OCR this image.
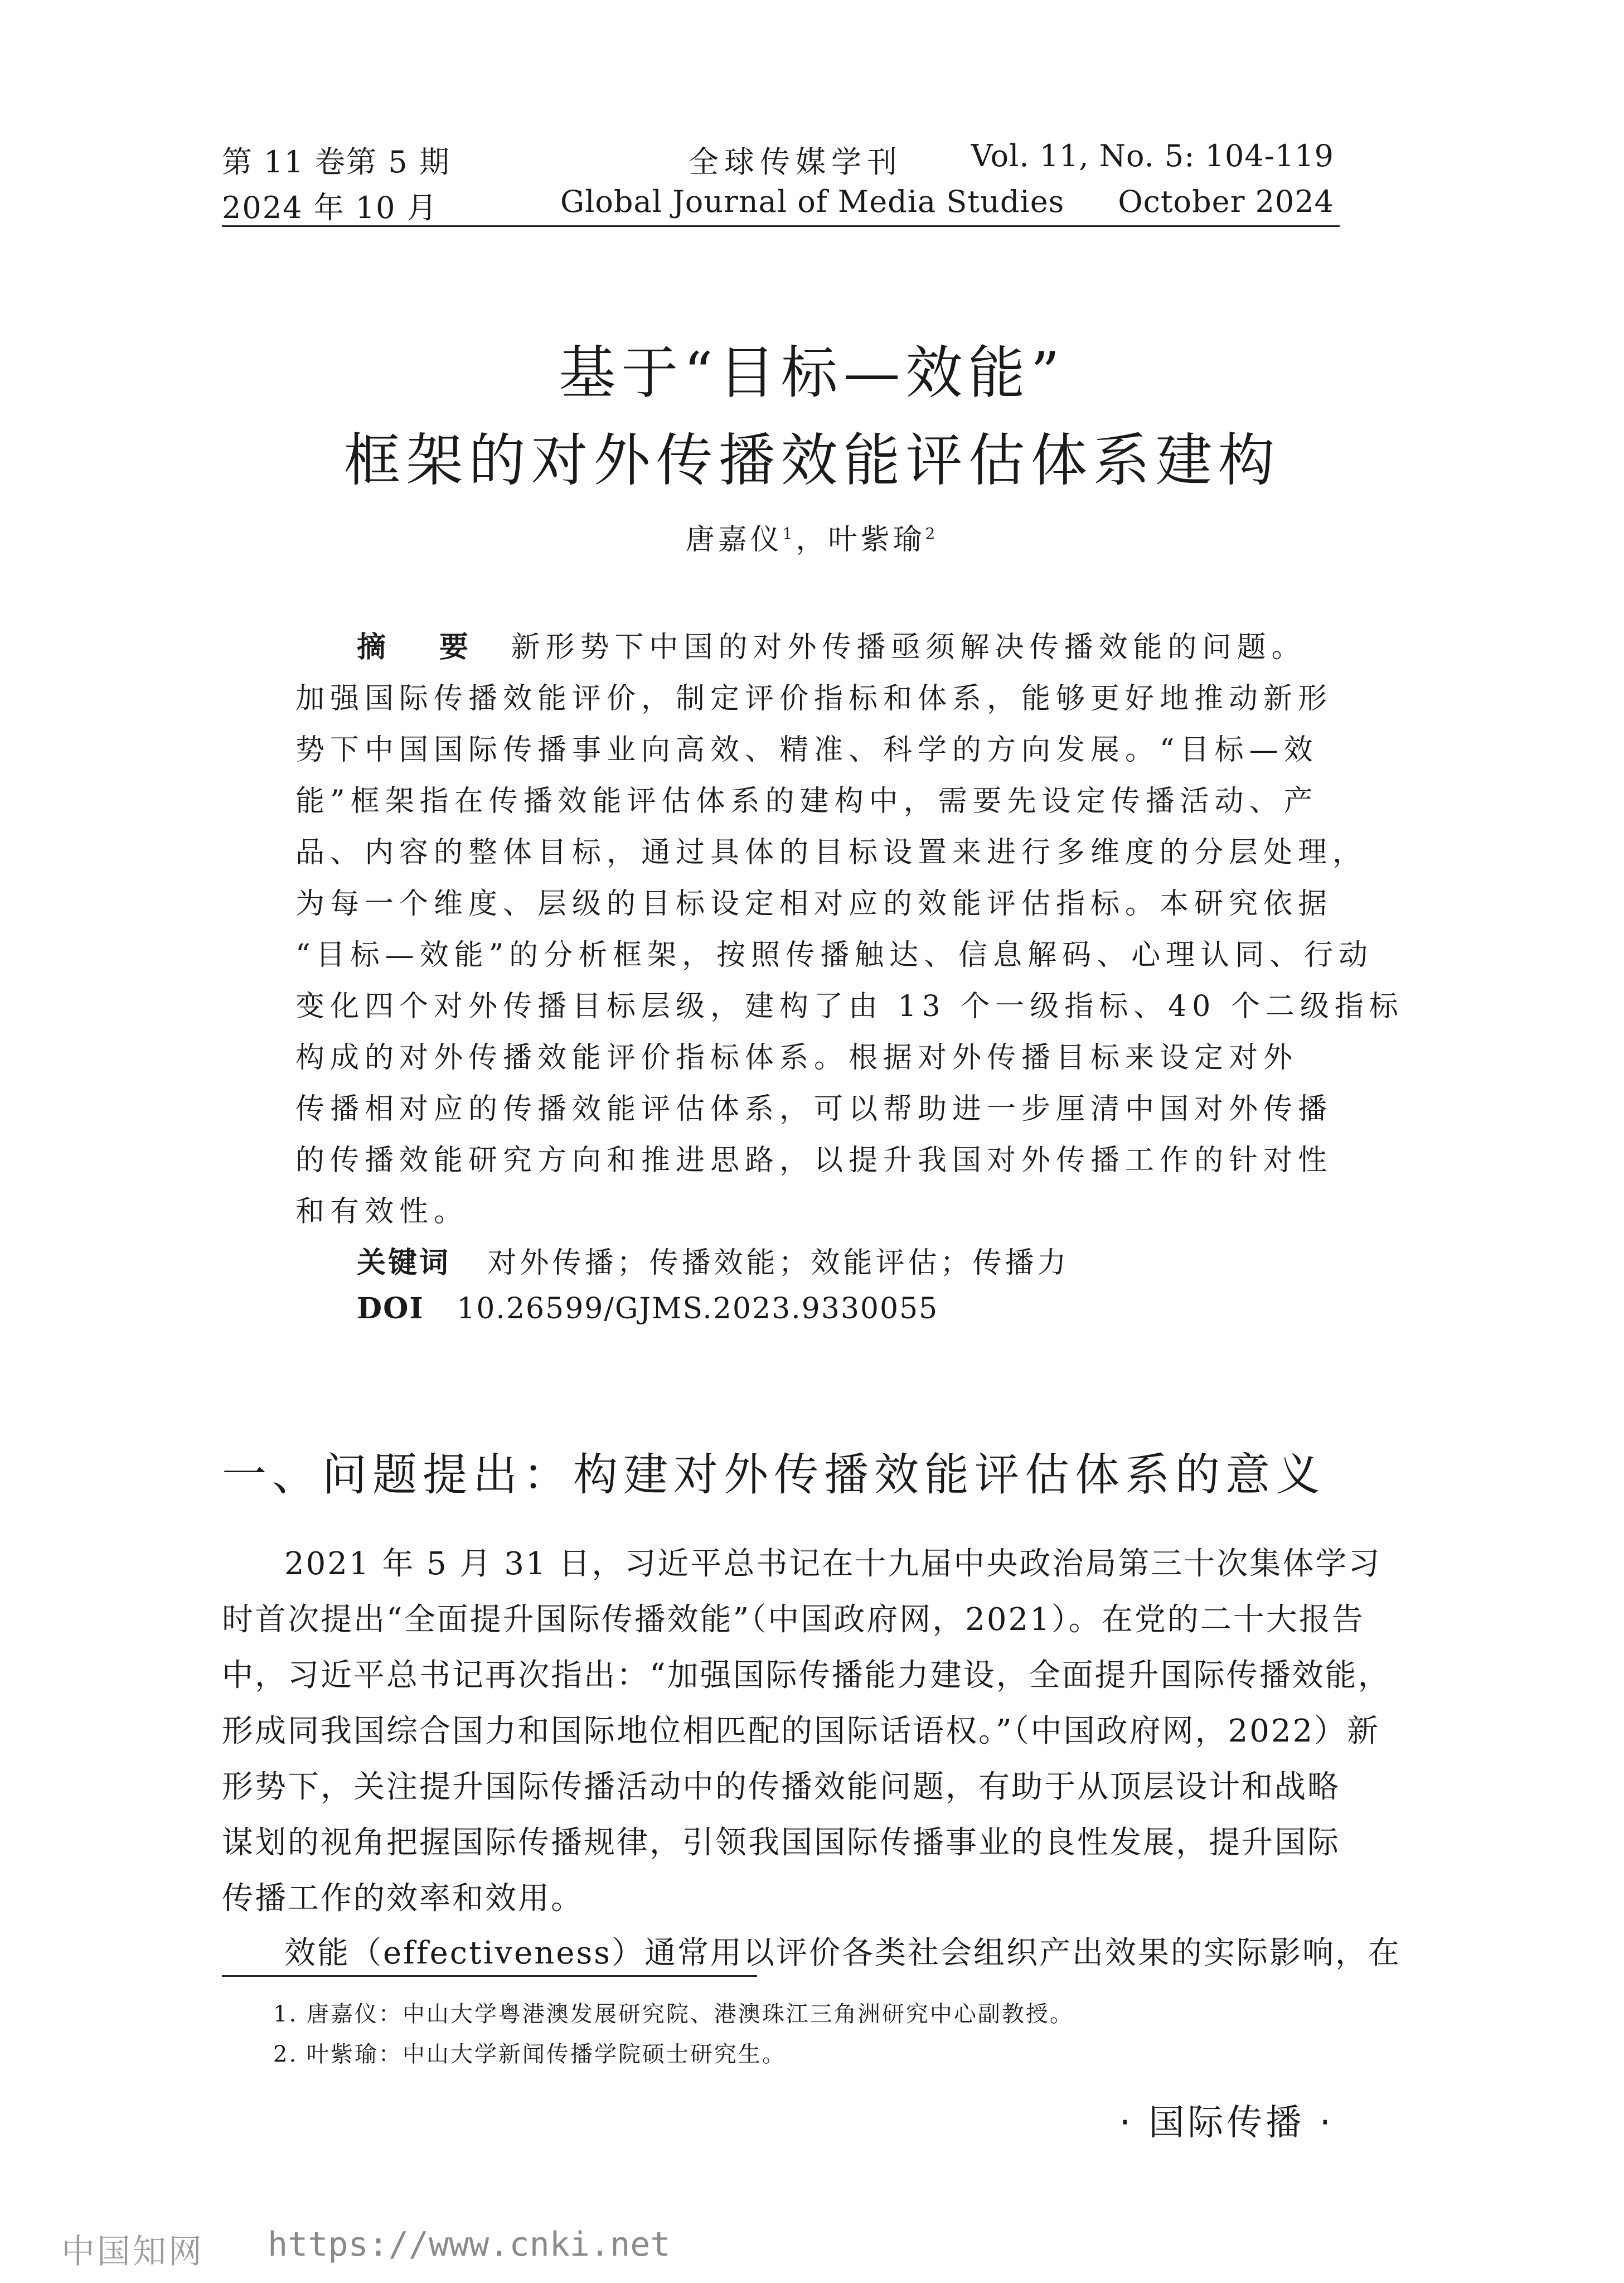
第 11 卷第 5 期
2024 年 10 月
全球传媒学刊
Global Journal of Media Studies
Vol. 11, No. 5: 104-119
October 2024
基于“目标—效能”
框架的对外传播效能评估体系建构
唐嘉仪$^1$，叶紫瑜$^2$
摘　要 新形势下中国的对外传播亟须解决传播效能的问题。
加强国际传播效能评价，制定评价指标和体系，能够更好地推动新形
势下中国国际传播事业向高效、精准、科学的方向发展。“目标—效
能”框架指在传播效能评估体系的建构中，需要先设定传播活动、产
品、内容的整体目标，通过具体的目标设置来进行多维度的分层处理，
为每一个维度、层级的目标设定相对应的效能评估指标。本研究依据
“目标—效能”的分析框架，按照传播触达、信息解码、心理认同、行动
变化四个对外传播目标层级，建构了由 13 个一级指标、40 个二级指标
构成的对外传播效能评价指标体系。根据对外传播目标来设定对外
传播相对应的传播效能评估体系，可以帮助进一步厘清中国对外传播
的传播效能研究方向和推进思路，以提升我国对外传播工作的针对性
和有效性。
关键词 对外传播；传播效能；效能评估；传播力
DOI 10.26599/GJMS.2023.9330055
一、问题提出：构建对外传播效能评估体系的意义
2021 年 5 月 31 日，习近平总书记在十九届中央政治局第三十次集体学习
时首次提出“全面提升国际传播效能”（中国政府网，2021）。在党的二十大报告
中，习近平总书记再次指出：“加强国际传播能力建设，全面提升国际传播效能，
形成同我国综合国力和国际地位相匹配的国际话语权。”（中国政府网，2022）新
形势下，关注提升国际传播活动中的传播效能问题，有助于从顶层设计和战略
谋划的视角把握国际传播规律，引领我国国际传播事业的良性发展，提升国际
传播工作的效率和效用。
效能（effectiveness）通常用以评价各类社会组织产出效果的实际影响，在
1. 唐嘉仪：中山大学粤港澳发展研究院、港澳珠江三角洲研究中心副教授。
2. 叶紫瑜：中山大学新闻传播学院硕士研究生。
· 国际传播 ·
中国知网 https://www.cnki.net
